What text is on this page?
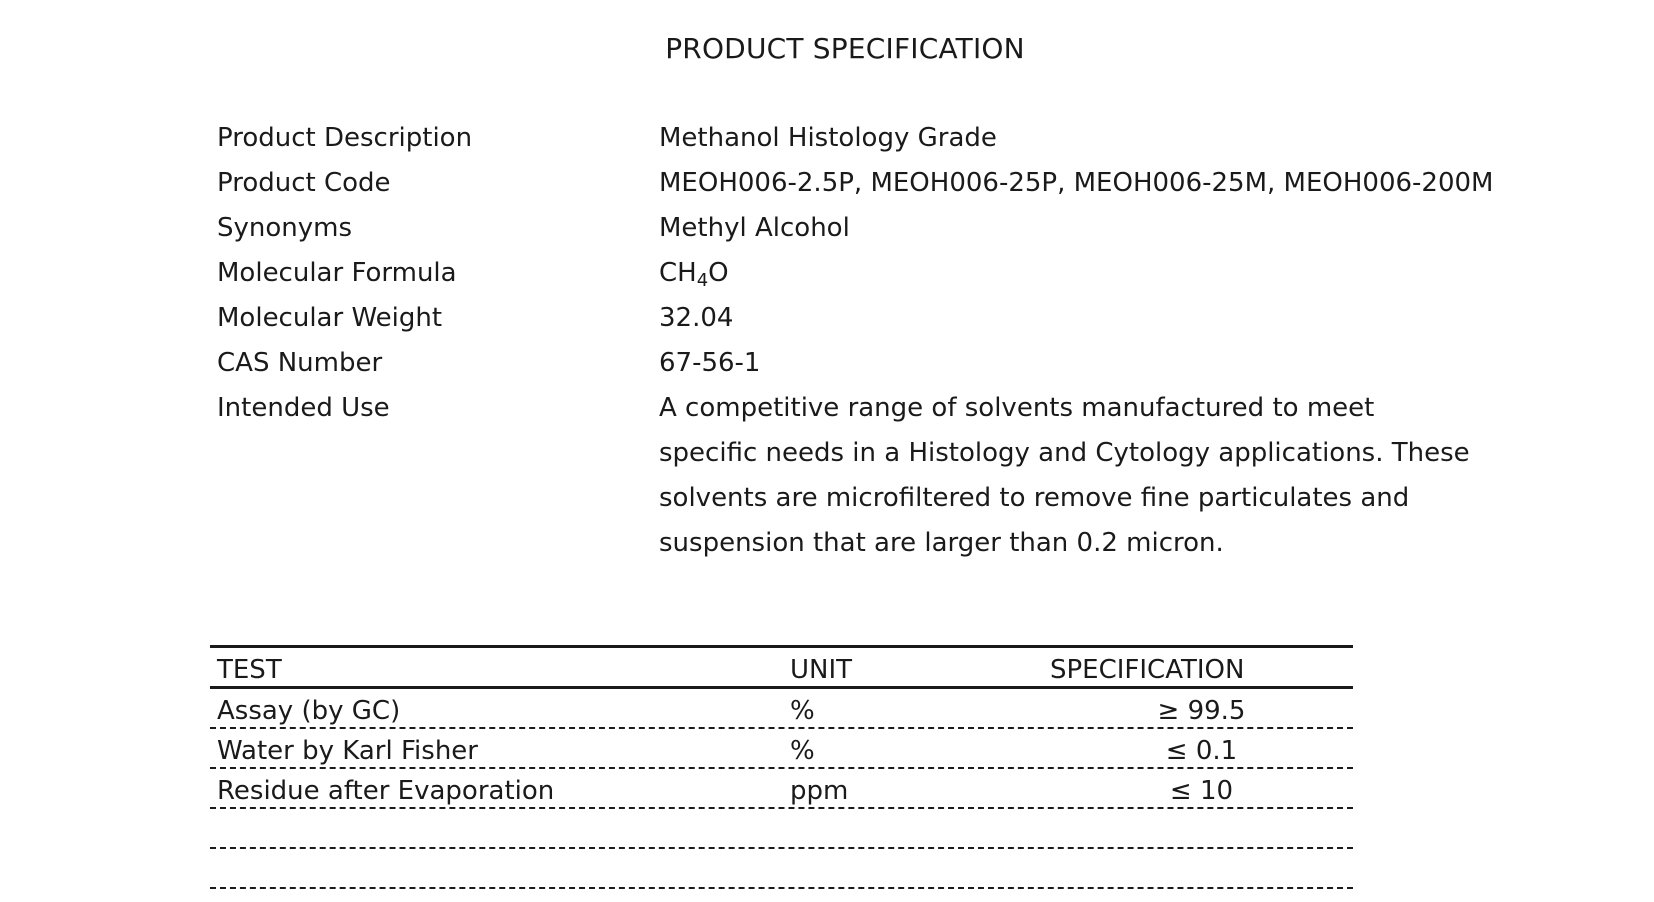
PRODUCT SPECIFICATION
Product Description	Methanol Histology Grade
Product Code	MEOH006-2.5P, MEOH006-25P, MEOH006-25M, MEOH006-200M
Synonyms	Methyl Alcohol
Molecular Formula	$CH_4O$
Molecular Weight	32.04
CAS Number	67-56-1
Intended Use	A competitive range of solvents manufactured to meet specific needs in a Histology and Cytology applications. These solvents are microfiltered to remove fine particulates and suspension that are larger than 0.2 micron.
TEST	UNIT	SPECIFICATION
Assay (by GC)	%	≥ 99.5
Water by Karl Fisher	%	≤ 0.1
Residue after Evaporation	ppm	≤ 10
